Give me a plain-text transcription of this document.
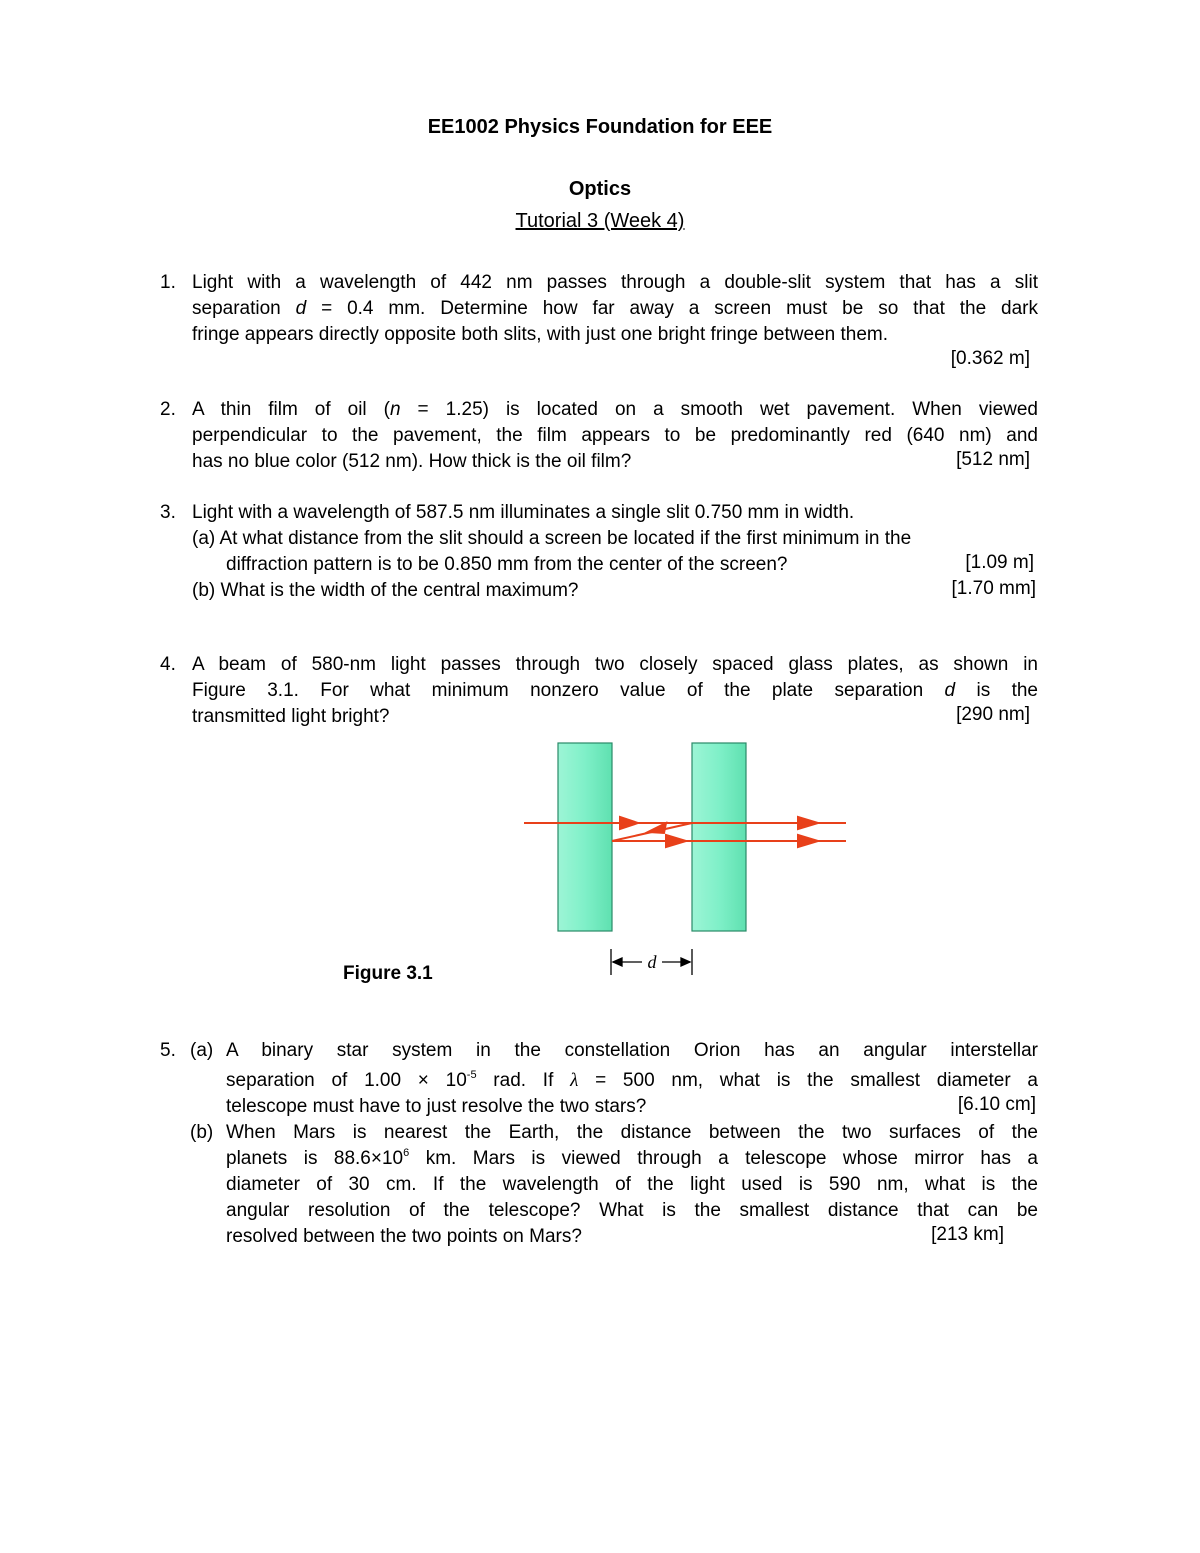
EE1002 Physics Foundation for EEE
Optics
Tutorial 3 (Week 4)
1. Light with a wavelength of 442 nm passes through a double-slit system that has a slit
separation d = 0.4 mm. Determine how far away a screen must be so that the dark
fringe appears directly opposite both slits, with just one bright fringe between them.
[0.362 m]
2. A thin film of oil (n = 1.25) is located on a smooth wet pavement. When viewed
perpendicular to the pavement, the film appears to be predominantly red (640 nm) and
has no blue color (512 nm). How thick is the oil film?	[512 nm]
3. Light with a wavelength of 587.5 nm illuminates a single slit 0.750 mm in width.
(a) At what distance from the slit should a screen be located if the first minimum in the
diffraction pattern is to be 0.850 mm from the center of the screen?	[1.09 m]
(b) What is the width of the central maximum?	[1.70 mm]
4. A beam of 580-nm light passes through two closely spaced glass plates, as shown in
Figure 3.1. For what minimum nonzero value of the plate separation d is the
transmitted light bright?	[290 nm]
d
Figure 3.1
5. (a) A binary star system in the constellation Orion has an angular interstellar
separation of $1.00 \times 10^{-5}$ rad. If λ = 500 nm, what is the smallest diameter a
telescope must have to just resolve the two stars?	[6.10 cm]
(b) When Mars is nearest the Earth, the distance between the two surfaces of the
planets is $88.6\times 10^6$ km. Mars is viewed through a telescope whose mirror has a
diameter of 30 cm. If the wavelength of the light used is 590 nm, what is the
angular resolution of the telescope? What is the smallest distance that can be
resolved between the two points on Mars?	[213 km]
